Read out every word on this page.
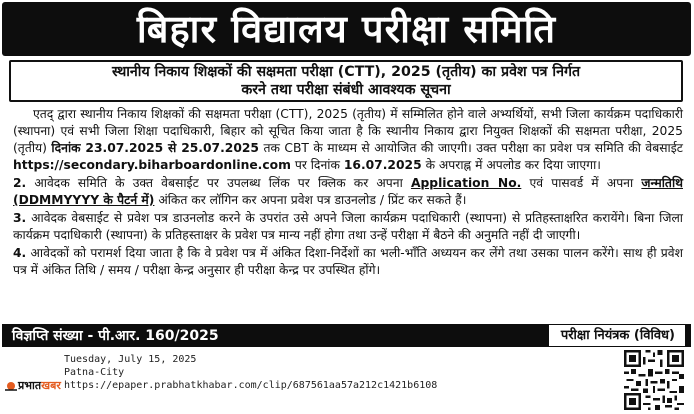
बिहार विद्यालय परीक्षा समिति
स्थानीय निकाय शिक्षकों की सक्षमता परीक्षा (CTT), 2025 (तृतीय) का प्रवेश पत्र निर्गत
करने तथा परीक्षा संबंधी आवश्यक सूचना

एतद् द्वारा स्थानीय निकाय शिक्षकों की सक्षमता परीक्षा (CTT), 2025 (तृतीय) में सम्मिलित होने वाले अभ्यर्थियों, सभी जिला कार्यक्रम पदाधिकारी (स्थापना) एवं सभी जिला शिक्षा पदाधिकारी, बिहार को सूचित किया जाता है कि स्थानीय निकाय द्वारा नियुक्त शिक्षकों की सक्षमता परीक्षा, 2025 (तृतीय) दिनांक 23.07.2025 से 25.07.2025 तक CBT के माध्यम से आयोजित की जाएगी। उक्त परीक्षा का प्रवेश पत्र समिति की वेबसाईट https://secondary.biharboardonline.com पर दिनांक 16.07.2025 के अपराह्न में अपलोड कर दिया जाएगा।

2. आवेदक समिति के उक्त वेबसाईट पर उपलब्ध लिंक पर क्लिक कर अपना Application No. एवं पासवर्ड में अपना जन्मतिथि (DDMMYYYY के पैटर्न में) अंकित कर लॉगिन कर अपना प्रवेश पत्र डाउनलोड / प्रिंट कर सकते हैं।

3. आवेदक वेबसाईट से प्रवेश पत्र डाउनलोड करने के उपरांत उसे अपने जिला कार्यक्रम पदाधिकारी (स्थापना) से प्रतिहस्ताक्षरित करायेंगे। बिना जिला कार्यक्रम पदाधिकारी (स्थापना) के प्रतिहस्ताक्षर के प्रवेश पत्र मान्य नहीं होगा तथा उन्हें परीक्षा में बैठने की अनुमति नहीं दी जाएगी।

4. आवेदकों को परामर्श दिया जाता है कि वे प्रवेश पत्र में अंकित दिशा-निर्देशों का भली-भाँति अध्ययन कर लेंगे तथा उसका पालन करेंगे। साथ ही प्रवेश पत्र में अंकित तिथि / समय / परीक्षा केन्द्र अनुसार ही परीक्षा केन्द्र पर उपस्थित होंगे।

विज्ञप्ति संख्या - पी.आर. 160/2025	परीक्षा नियंत्रक (विविध)
प्रभात खबर
Tuesday, July 15, 2025
Patna-City
https://epaper.prabhatkhabar.com/clip/687561aa57a212c1421b6108
